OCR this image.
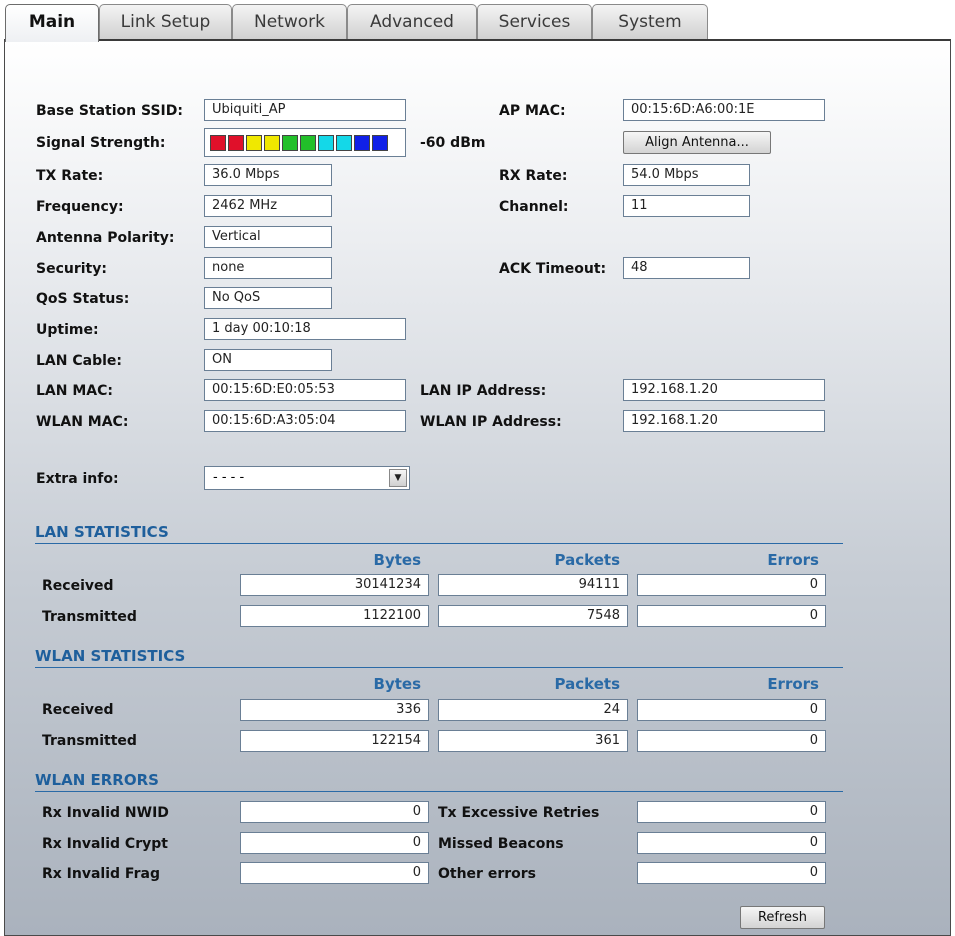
Main	Link Setup	Network	Advanced	Services	System
Base Station SSID:	Ubiquiti_AP	AP MAC:	00:15:6D:A6:00:1E
Signal Strength:	-60 dBm	Align Antenna...
TX Rate:	36.0 Mbps	RX Rate:	54.0 Mbps
Frequency:	2462 MHz	Channel:	11
Antenna Polarity:	Vertical
Security:	none	ACK Timeout:	48
QoS Status:	No QoS
Uptime:	1 day 00:10:18
LAN Cable:	ON
LAN MAC:	00:15:6D:E0:05:53	LAN IP Address:	192.168.1.20
WLAN MAC:	00:15:6D:A3:05:04	WLAN IP Address:	192.168.1.20
Extra info:	- - - -	▼
LAN STATISTICS
Bytes	Packets	Errors
Received	30141234	94111	0
Transmitted	1122100	7548	0
WLAN STATISTICS
Bytes	Packets	Errors
Received	336	24	0
Transmitted	122154	361	0
WLAN ERRORS
Rx Invalid NWID	0	Tx Excessive Retries	0
Rx Invalid Crypt	0	Missed Beacons	0
Rx Invalid Frag	0	Other errors	0
Refresh
